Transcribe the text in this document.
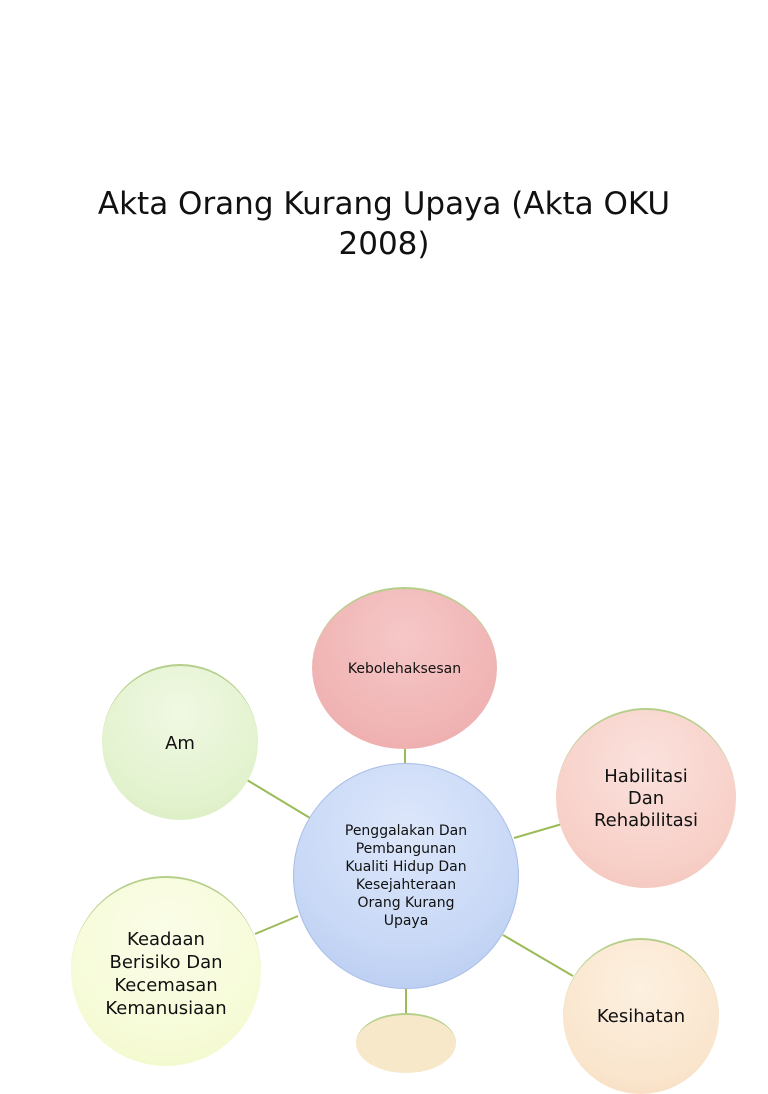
Akta Orang Kurang Upaya (Akta OKU 2008)
Kebolehaksesan
Am
Habilitasi
Dan
Rehabilitasi
Penggalakan Dan
Pembangunan
Kualiti Hidup Dan
Kesejahteraan
Orang Kurang
Upaya
Keadaan
Berisiko Dan
Kecemasan
Kemanusiaan	Kesihatan
